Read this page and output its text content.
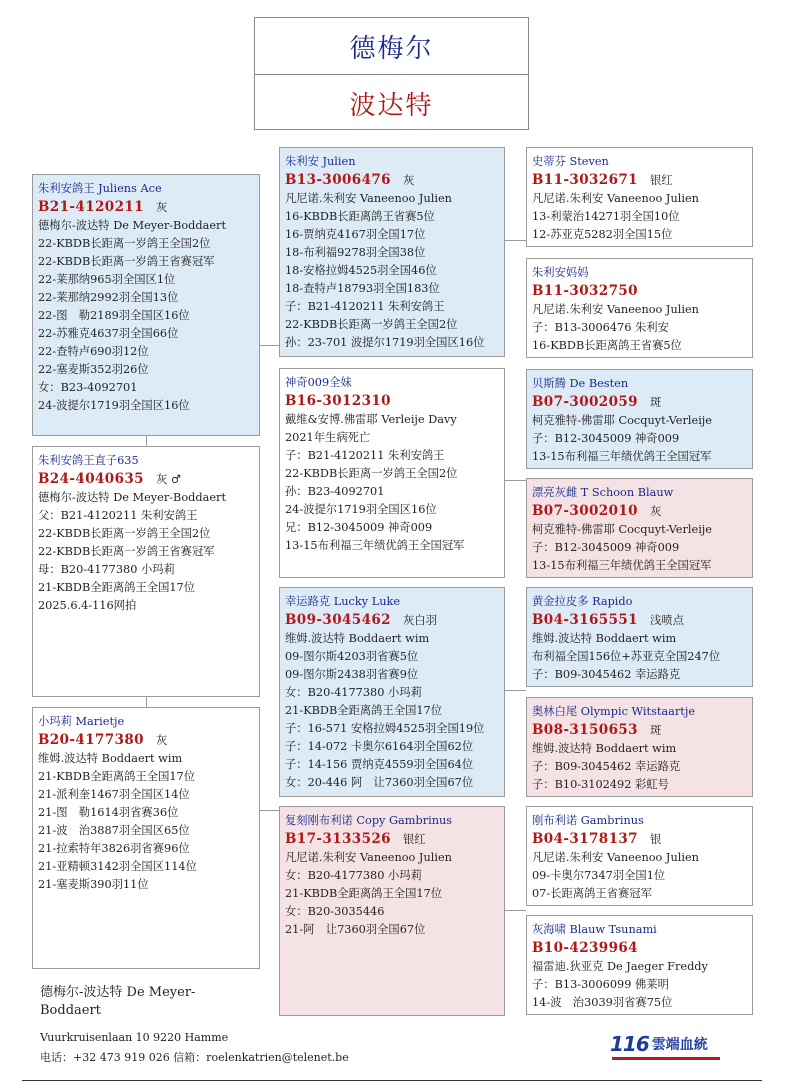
德梅尔
波达特
朱利安鸽王 Juliens Ace
B21-4120211 灰
德梅尔-波达特 De Meyer-Boddaert
22-KBDB长距离一岁鸽王全国2位
22-KBDB长距离一岁鸽王省赛冠军
22-莱那纳965羽全国区1位
22-莱那纳2992羽全国13位
22-图　勒2189羽全国区16位
22-苏雅克4637羽全国66位
22-查特卢690羽12位
22-塞麦斯352羽26位
女：B23-4092701
24-波提尔1719羽全国区16位
朱利安鸽王直子635
B24-4040635 灰 ♂
德梅尔-波达特 De Meyer-Boddaert
父：B21-4120211 朱利安鸽王
22-KBDB长距离一岁鸽王全国2位
22-KBDB长距离一岁鸽王省赛冠军
母：B20-4177380 小玛莉
21-KBDB全距离鸽王全国17位
2025.6.4-116网拍
小玛莉 Marietje
B20-4177380 灰
维姆.波达特 Boddaert wim
21-KBDB全距离鸽王全国17位
21-派利奎1467羽全国区14位
21-图　勒1614羽省赛36位
21-波　治3887羽全国区65位
21-拉索特年3826羽省赛96位
21-亚精顿3142羽全国区114位
21-塞麦斯390羽11位
朱利安 Julien
B13-3006476 灰
凡尼诺.朱利安 Vaneenoo Julien
16-KBDB长距离鸽王省赛5位
16-贾纳克4167羽全国17位
18-布利福9278羽全国38位
18-安格拉姆4525羽全国46位
18-查特卢18793羽全国183位
子：B21-4120211 朱利安鸽王
22-KBDB长距离一岁鸽王全国2位
孙：23-701 波提尔1719羽全国区16位
神奇009全妹
B16-3012310
戴维&安博.佛雷耶 Verleije Davy
2021年生病死亡
子：B21-4120211 朱利安鸽王
22-KBDB长距离一岁鸽王全国2位
孙：B23-4092701
24-波提尔1719羽全国区16位
兄：B12-3045009 神奇009
13-15布利福三年绩优鸽王全国冠军
幸运路克 Lucky Luke
B09-3045462 灰白羽
维姆.波达特 Boddaert wim
09-图尔斯4203羽省赛5位
09-图尔斯2438羽省赛9位
女：B20-4177380 小玛莉
21-KBDB全距离鸽王全国17位
子：16-571 安格拉姆4525羽全国19位
子：14-072 卡奥尔6164羽全国62位
子：14-156 贾纳克4559羽全国64位
女：20-446 阿　让7360羽全国67位
复刻刚布利诺 Copy Gambrinus
B17-3133526 银红
凡尼诺.朱利安 Vaneenoo Julien
女：B20-4177380 小玛莉
21-KBDB全距离鸽王全国17位
女：B20-3035446
21-阿　让7360羽全国67位
史蒂芬 Steven
B11-3032671 银红
凡尼诺.朱利安 Vaneenoo Julien
13-利蒙治14271羽全国10位
12-苏亚克5282羽全国15位
朱利安妈妈
B11-3032750
凡尼诺.朱利安 Vaneenoo Julien
子：B13-3006476 朱利安
16-KBDB长距离鸽王省赛5位
贝斯腾 De Besten
B07-3002059 斑
柯克雅特-佛雷耶 Cocquyt-Verleije
子：B12-3045009 神奇009
13-15布利福三年绩优鸽王全国冠军
漂亮灰雌 T Schoon Blauw
B07-3002010 灰
柯克雅特-佛雷耶 Cocquyt-Verleije
子：B12-3045009 神奇009
13-15布利福三年绩优鸽王全国冠军
黄金拉皮多 Rapido
B04-3165551 浅喷点
维姆.波达特 Boddaert wim
布利福全国156位+苏亚克全国247位
子：B09-3045462 幸运路克
奥林白尾 Olympic Witstaartje
B08-3150653 斑
维姆.波达特 Boddaert wim
子：B09-3045462 幸运路克
子：B10-3102492 彩虹号
刚布利诺 Gambrinus
B04-3178137 银
凡尼诺.朱利安 Vaneenoo Julien
09-卡奥尔7347羽全国1位
07-长距离鸽王省赛冠军
灰海啸 Blauw Tsunami
B10-4239964
福雷迪.狄亚克 De Jaeger Freddy
子：B13-3006099 佛莱明
14-波　治3039羽省赛75位
德梅尔-波达特 De Meyer-Boddaert
Vuurkruisenlaan 10 9220 Hamme
电话：+32 473 919 026 信箱：roelenkatrien@telenet.be
116 雲端血統
